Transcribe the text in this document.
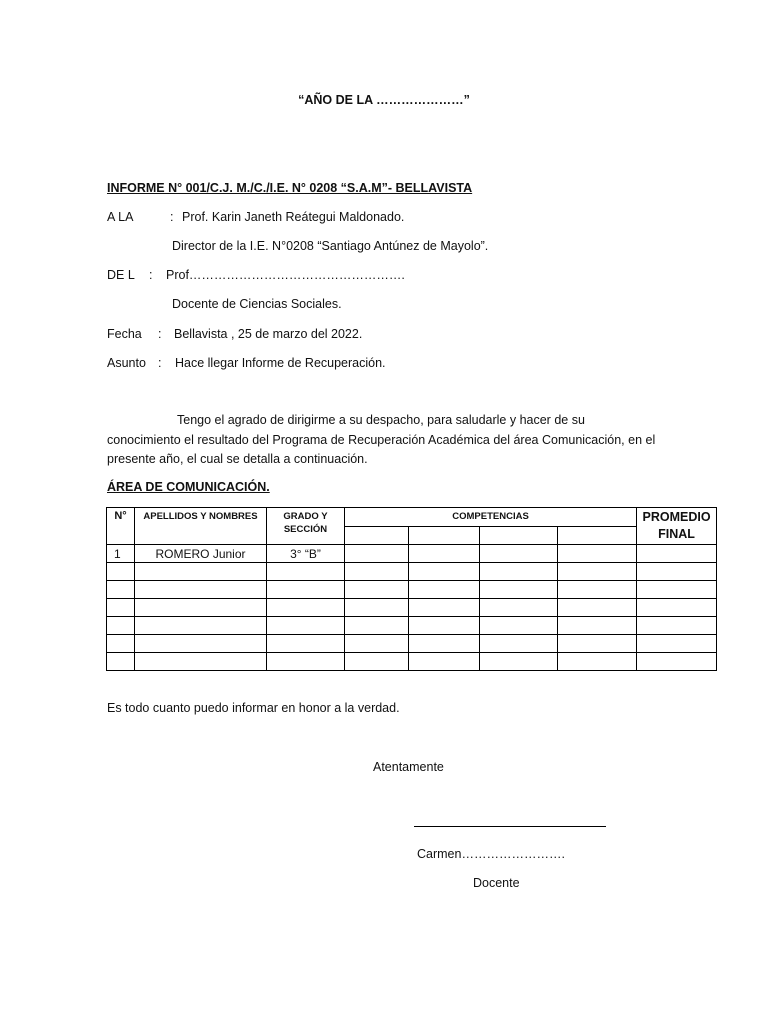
“AÑO DE LA …………………”
INFORME N° 001/C.J. M./C./I.E. N° 0208 “S.A.M”- BELLAVISTA
A LA	: Prof. Karin Janeth Reátegui Maldonado.
Director de la I.E. N°0208 “Santiago Antúnez de Mayolo”.
DE L : Prof…………………………………………….
Docente de Ciencias Sociales.
Fecha : Bellavista , 25 de marzo del 2022.
Asunto : Hace llegar Informe de Recuperación.
Tengo el agrado de dirigirme a su despacho, para saludarle y hacer de su conocimiento el resultado del Programa de Recuperación Académica del área Comunicación, en el presente año, el cual se detalla a continuación.
ÁREA DE COMUNICACIÓN.
N°	APELLIDOS Y NOMBRES	GRADO Y SECCIÓN	COMPETENCIAS				PROMEDIO FINAL

1	ROMERO Junior	3° “B”					

Es todo cuanto puedo informar en honor a la verdad.
Atentamente
Carmen…………………….
Docente
